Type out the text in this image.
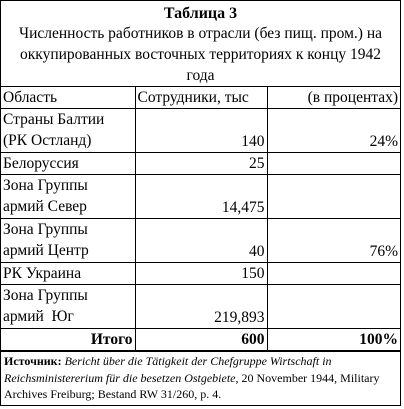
Таблица 3
Численность работников в отрасли (без пищ. пром.) на оккупированных восточных территориях к концу 1942 года
Область	Сотрудники, тыс	(в процентах)

Страны Балтии
(РК Остланд)	140	24%
Белоруссия	25	

Зона Группы
армий Север	14,475	

Зона Группы
армий Центр	40	76%
РК Украина	150	

Зона Группы
армий  Юг	219,893	
Итого	600	100%
Источник: Bericht über die Tätigkeit der Chefgruppe Wirtschaft in Reichsministererium für die besetzen Ostgebiete, 20 November 1944, Military Archives Freiburg; Bestand RW 31/260, p. 4.
